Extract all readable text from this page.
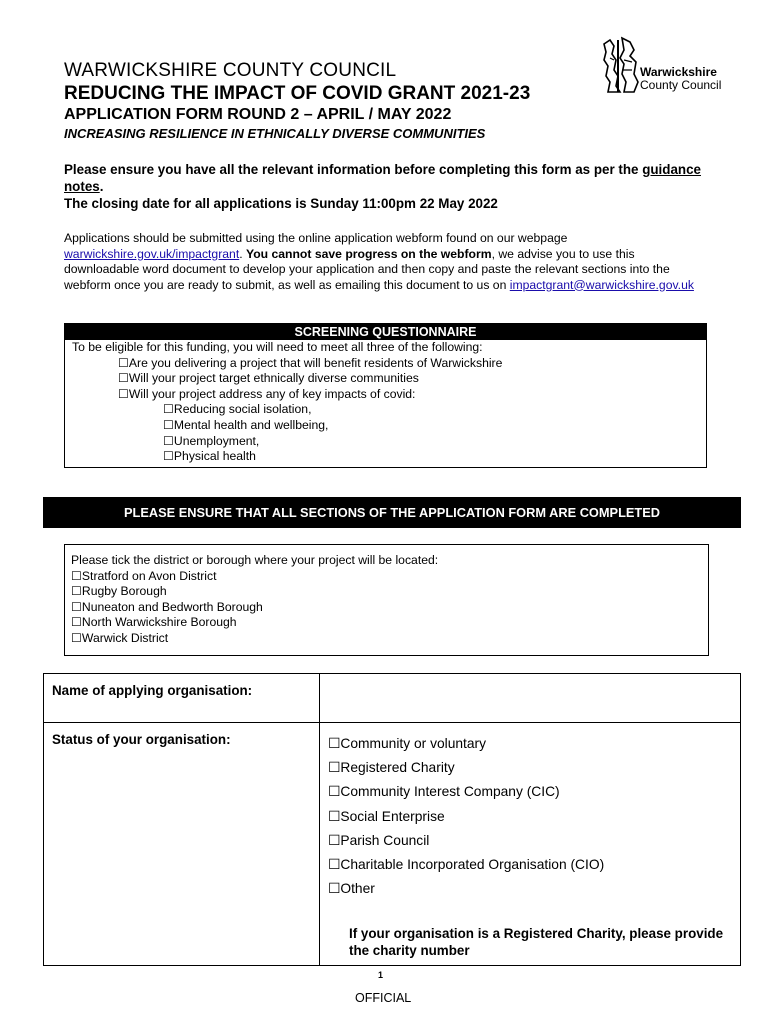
WARWICKSHIRE COUNTY COUNCIL
REDUCING THE IMPACT OF COVID GRANT 2021-23
APPLICATION FORM ROUND 2 – APRIL / MAY 2022
INCREASING RESILIENCE IN ETHNICALLY DIVERSE COMMUNITIES
Warwickshire
County Council
Please ensure you have all the relevant information before completing this form as per the guidance notes.
The closing date for all applications is Sunday 11:00pm 22 May 2022
Applications should be submitted using the online application webform found on our webpage warwickshire.gov.uk/impactgrant. You cannot save progress on the webform, we advise you to use this downloadable word document to develop your application and then copy and paste the relevant sections into the webform once you are ready to submit, as well as emailing this document to us on impactgrant@warwickshire.gov.uk
SCREENING QUESTIONNAIRE
To be eligible for this funding, you will need to meet all three of the following:
☐Are you delivering a project that will benefit residents of Warwickshire
☐Will your project target ethnically diverse communities
☐Will your project address any of key impacts of covid:
☐Reducing social isolation,
☐Mental health and wellbeing,
☐Unemployment,
☐Physical health
PLEASE ENSURE THAT ALL SECTIONS OF THE APPLICATION FORM ARE COMPLETED
Please tick the district or borough where your project will be located:
☐Stratford on Avon District
☐Rugby Borough
☐Nuneaton and Bedworth Borough
☐North Warwickshire Borough
☐Warwick District
Name of applying organisation:
Status of your organisation:	☐Community or voluntary
☐Registered Charity
☐Community Interest Company (CIC)
☐Social Enterprise
☐Parish Council
☐Charitable Incorporated Organisation (CIO)
☐Other
If your organisation is a Registered Charity, please provide the charity number
1
OFFICIAL
